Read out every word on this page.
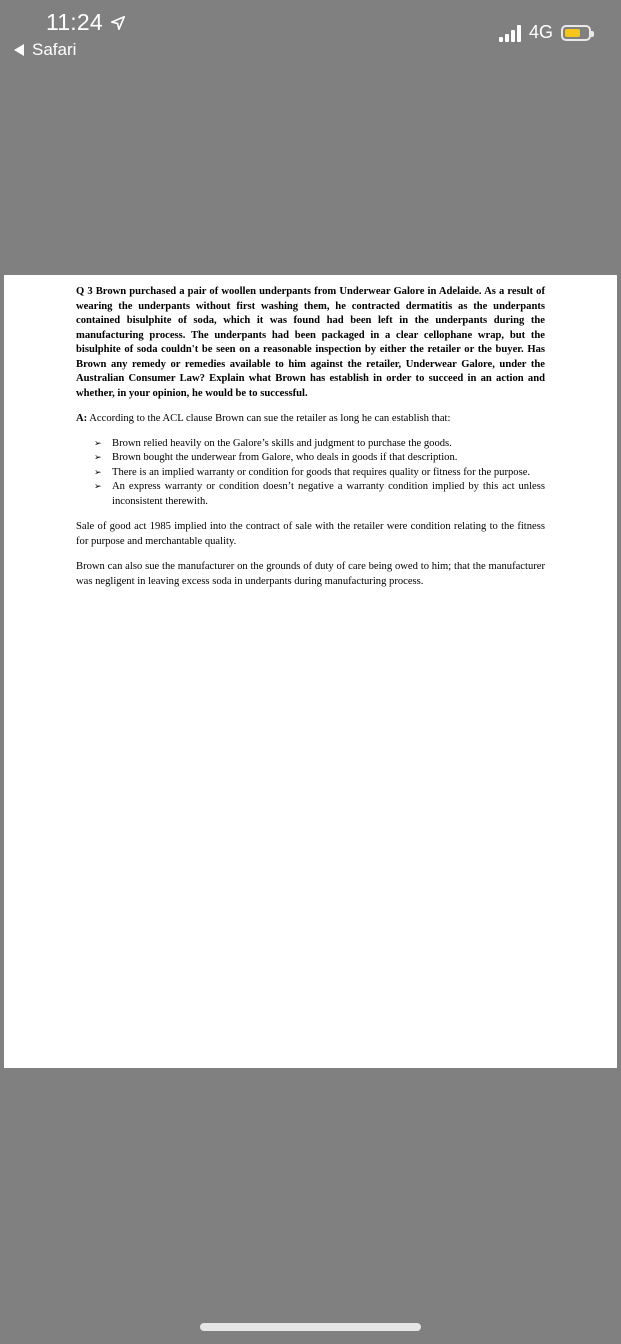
11:24
Safari
4G

Q 3 Brown purchased a pair of woollen underpants from Underwear Galore in Adelaide. As a result of wearing the underpants without first washing them, he contracted dermatitis as the underpants contained bisulphite of soda, which it was found had been left in the underpants during the manufacturing process. The underpants had been packaged in a clear cellophane wrap, but the bisulphite of soda couldn't be seen on a reasonable inspection by either the retailer or the buyer. Has Brown any remedy or remedies available to him against the retailer, Underwear Galore, under the Australian Consumer Law? Explain what Brown has establish in order to succeed in an action and whether, in your opinion, he would be to successful.

A: According to the ACL clause Brown can sue the retailer as long he can establish that:

➢ Brown relied heavily on the Galore’s skills and judgment to purchase the goods.
➢ Brown bought the underwear from Galore, who deals in goods if that description.
➢ There is an implied warranty or condition for goods that requires quality or fitness for the purpose.
➢ An express warranty or condition doesn’t negative a warranty condition implied by this act unless inconsistent therewith.

Sale of good act 1985 implied into the contract of sale with the retailer were condition relating to the fitness for purpose and merchantable quality.

Brown can also sue the manufacturer on the grounds of duty of care being owed to him; that the manufacturer was negligent in leaving excess soda in underpants during manufacturing process.
